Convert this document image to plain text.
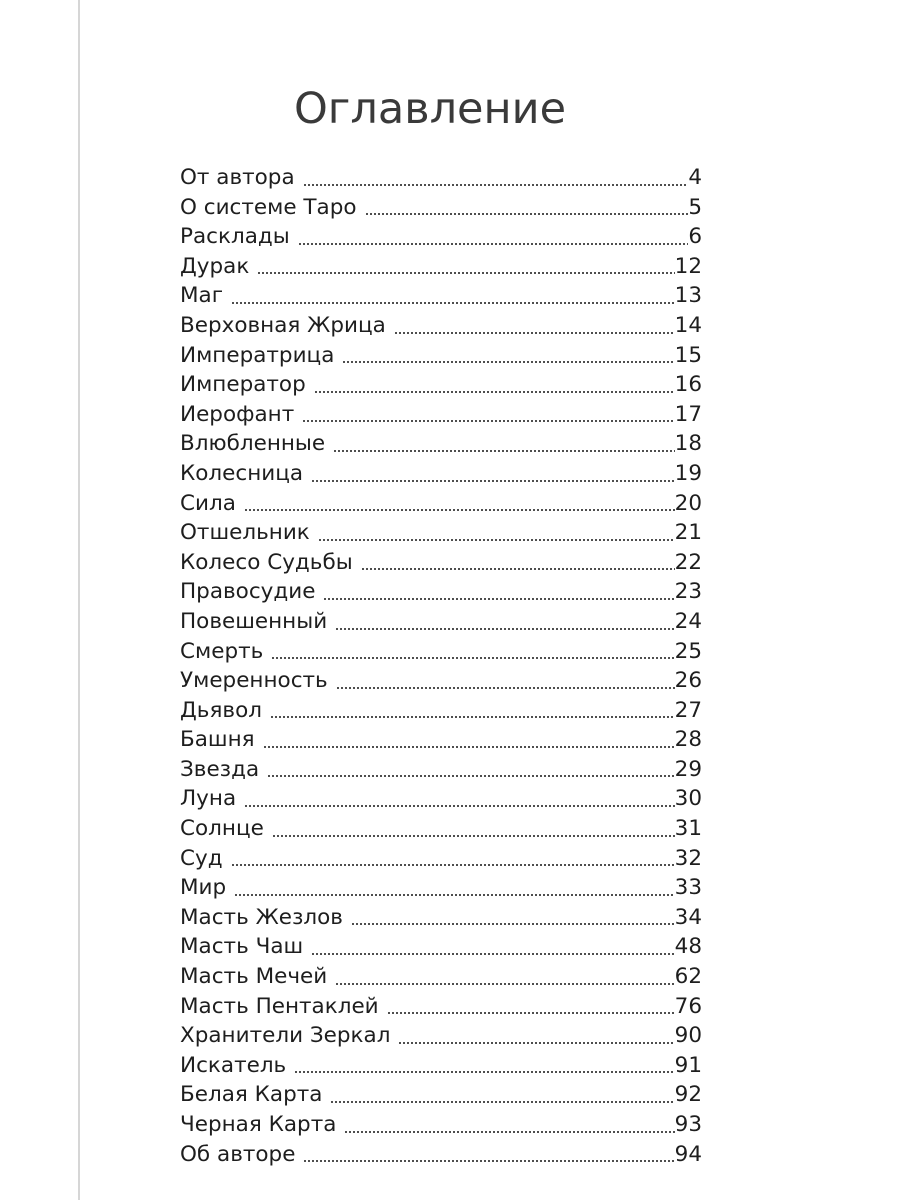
Оглавление
От автора	4
О системе Таро	5
Расклады	6
Дурак	12
Маг	13
Верховная Жрица	14
Императрица	15
Император	16
Иерофант	17
Влюбленные	18
Колесница	19
Сила	20
Отшельник	21
Колесо Судьбы	22
Правосудие	23
Повешенный	24
Смерть	25
Умеренность	26
Дьявол	27
Башня	28
Звезда	29
Луна	30
Солнце	31
Суд	32
Мир	33
Масть Жезлов	34
Масть Чаш	48
Масть Мечей	62
Масть Пентаклей	76
Хранители Зеркал	90
Искатель	91
Белая Карта	92
Черная Карта	93
Об авторе	94
